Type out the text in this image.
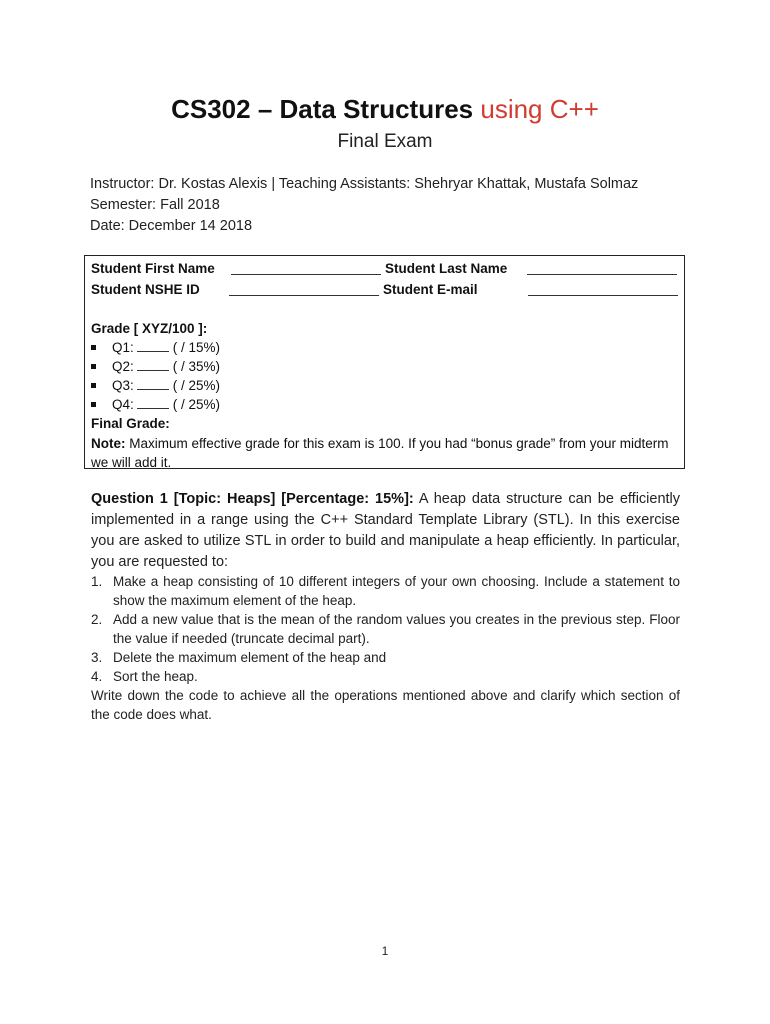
CS302 – Data Structures using C++
Final Exam
Instructor: Dr. Kostas Alexis | Teaching Assistants: Shehryar Khattak, Mustafa Solmaz
Semester: Fall 2018
Date: December 14 2018
Student First Name	Student Last Name
Student NSHE ID	Student E-mail
Grade [ XYZ/100 ]:
Q1:	( / 15%)
Q2:	( / 35%)
Q3:	( / 25%)
Q4:	( / 25%)
Final Grade:
Note: Maximum effective grade for this exam is 100. If you had “bonus grade” from your midterm we will add it.
Question 1 [Topic: Heaps] [Percentage: 15%]: A heap data structure can be efficiently implemented in a range using the C++ Standard Template Library (STL). In this exercise you are asked to utilize STL in order to build and manipulate a heap efficiently. In particular, you are requested to:
1. Make a heap consisting of 10 different integers of your own choosing. Include a statement to show the maximum element of the heap.
2. Add a new value that is the mean of the random values you creates in the previous step. Floor the value if needed (truncate decimal part).
3. Delete the maximum element of the heap and
4. Sort the heap.
Write down the code to achieve all the operations mentioned above and clarify which section of the code does what.
1
